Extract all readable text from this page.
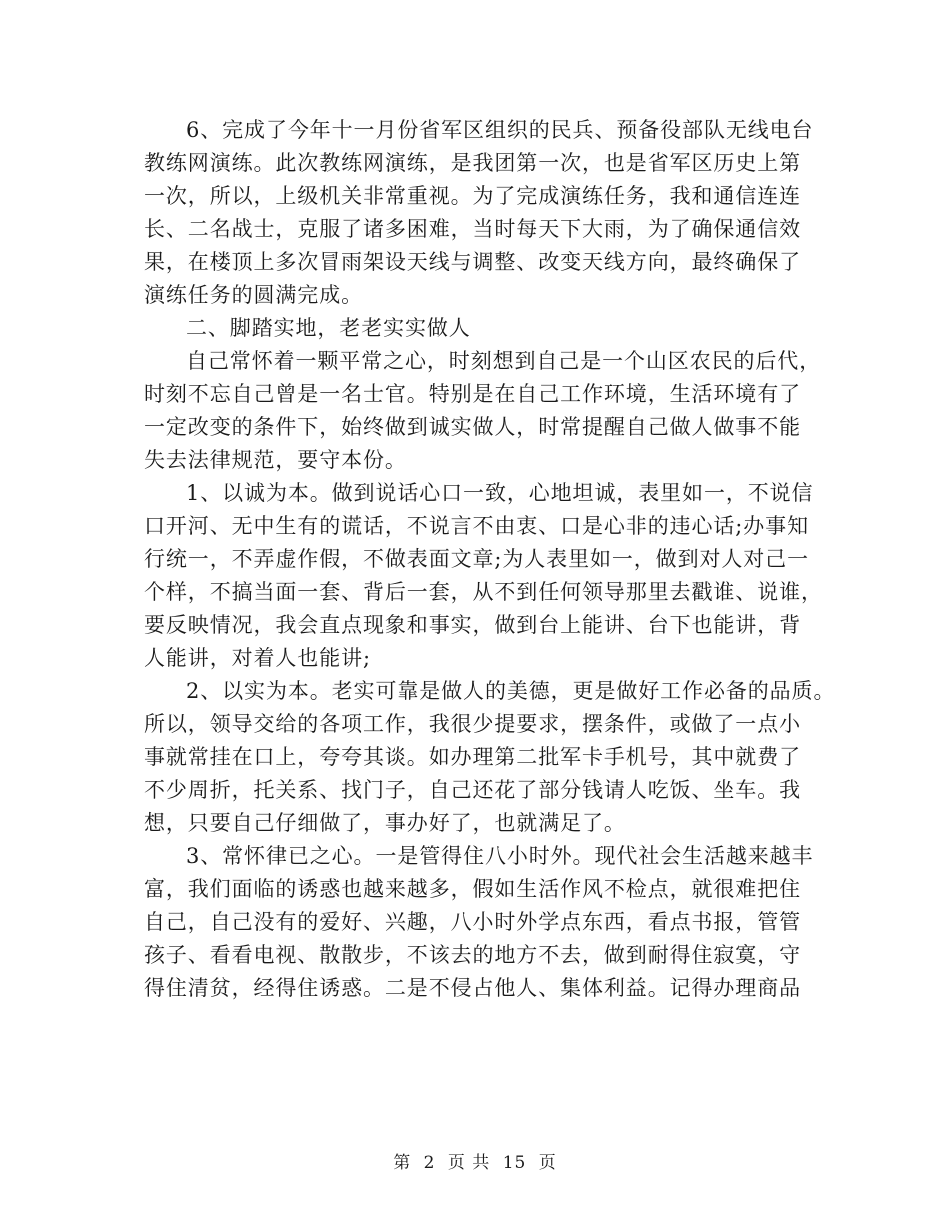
6、完成了今年十一月份省军区组织的民兵、预备役部队无线电台
教练网演练。此次教练网演练，是我团第一次，也是省军区历史上第
一次，所以，上级机关非常重视。为了完成演练任务，我和通信连连
长、二名战士，克服了诸多困难，当时每天下大雨，为了确保通信效
果，在楼顶上多次冒雨架设天线与调整、改变天线方向，最终确保了
演练任务的圆满完成。
二、脚踏实地，老老实实做人
自己常怀着一颗平常之心，时刻想到自己是一个山区农民的后代，
时刻不忘自己曾是一名士官。特别是在自己工作环境，生活环境有了
一定改变的条件下，始终做到诚实做人，时常提醒自己做人做事不能
失去法律规范，要守本份。
1、以诚为本。做到说话心口一致，心地坦诚，表里如一，不说信
口开河、无中生有的谎话，不说言不由衷、口是心非的违心话;办事知
行统一，不弄虚作假，不做表面文章;为人表里如一，做到对人对己一
个样，不搞当面一套、背后一套，从不到任何领导那里去戳谁、说谁，
要反映情况，我会直点现象和事实，做到台上能讲、台下也能讲，背
人能讲，对着人也能讲;
2、以实为本。老实可靠是做人的美德，更是做好工作必备的品质。
所以，领导交给的各项工作，我很少提要求，摆条件，或做了一点小
事就常挂在口上，夸夸其谈。如办理第二批军卡手机号，其中就费了
不少周折，托关系、找门子，自己还花了部分钱请人吃饭、坐车。我
想，只要自己仔细做了，事办好了，也就满足了。
3、常怀律已之心。一是管得住八小时外。现代社会生活越来越丰
富，我们面临的诱惑也越来越多，假如生活作风不检点，就很难把住
自己，自己没有的爱好、兴趣，八小时外学点东西，看点书报，管管
孩子、看看电视、散散步，不该去的地方不去，做到耐得住寂寞，守
得住清贫，经得住诱惑。二是不侵占他人、集体利益。记得办理商品
第 2 页 共 15 页
